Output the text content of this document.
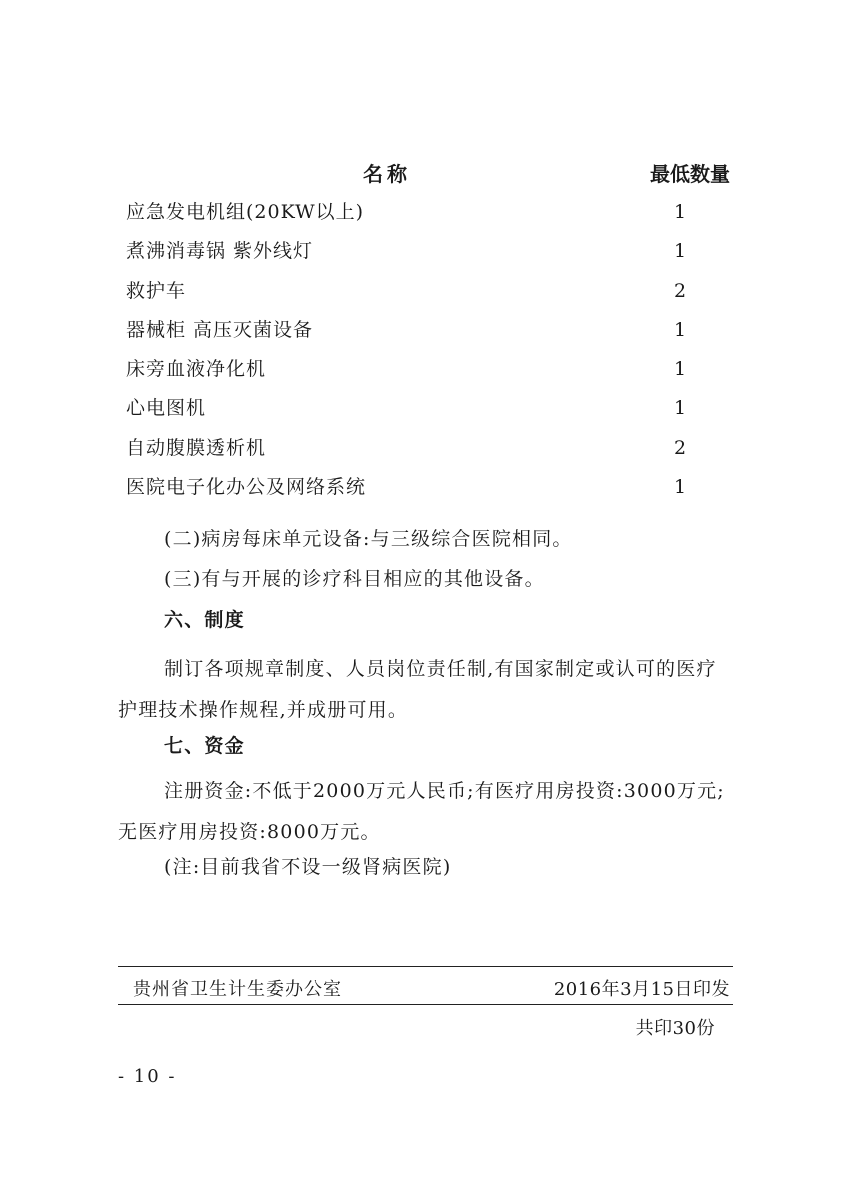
名称	最低数量
应急发电机组(20KW以上)	1
煮沸消毒锅 紫外线灯	1
救护车	2
器械柜 高压灭菌设备	1
床旁血液净化机	1
心电图机	1
自动腹膜透析机	2
医院电子化办公及网络系统	1
(二)病房每床单元设备:与三级综合医院相同。
(三)有与开展的诊疗科目相应的其他设备。
六、制度
制订各项规章制度、人员岗位责任制,有国家制定或认可的医疗护理技术操作规程,并成册可用。
七、资金
注册资金:不低于2000万元人民币;有医疗用房投资:3000万元;无医疗用房投资:8000万元。
(注:目前我省不设一级肾病医院)
贵州省卫生计生委办公室	2016年3月15日印发
共印30份
- 10 -
